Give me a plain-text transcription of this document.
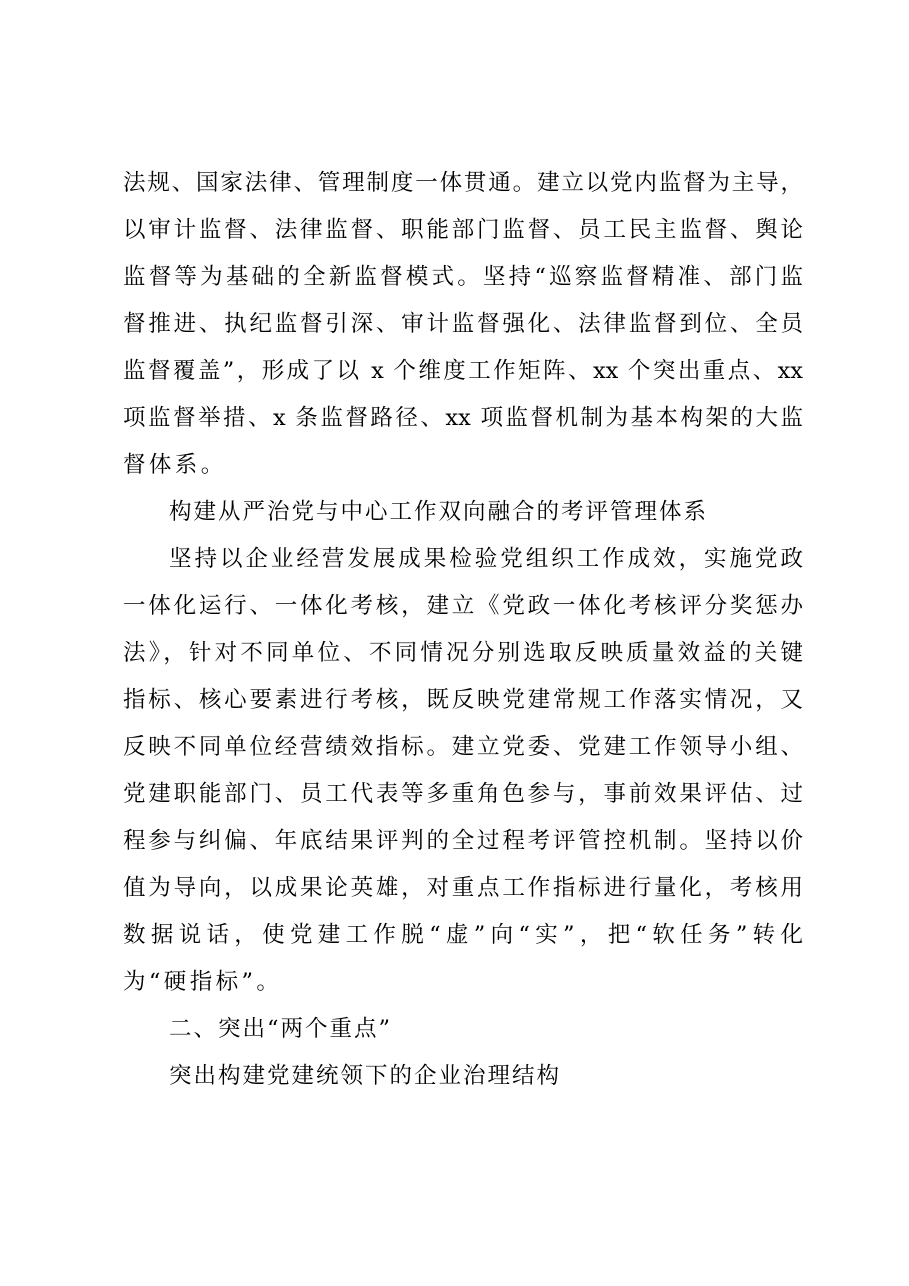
法规、国家法律、管理制度一体贯通。建立以党内监督为主导，
以审计监督、法律监督、职能部门监督、员工民主监督、舆论
监督等为基础的全新监督模式。坚持“巡察监督精准、部门监
督推进、执纪监督引深、审计监督强化、法律监督到位、全员
监督覆盖”，形成了以 x 个维度工作矩阵、xx 个突出重点、xx
项监督举措、x 条监督路径、xx 项监督机制为基本构架的大监
督体系。
构建从严治党与中心工作双向融合的考评管理体系
坚持以企业经营发展成果检验党组织工作成效，实施党政
一体化运行、一体化考核，建立《党政一体化考核评分奖惩办
法》，针对不同单位、不同情况分别选取反映质量效益的关键
指标、核心要素进行考核，既反映党建常规工作落实情况，又
反映不同单位经营绩效指标。建立党委、党建工作领导小组、
党建职能部门、员工代表等多重角色参与，事前效果评估、过
程参与纠偏、年底结果评判的全过程考评管控机制。坚持以价
值为导向，以成果论英雄，对重点工作指标进行量化，考核用
数据说话，使党建工作脱“虚”向“实”，把“软任务”转化
为“硬指标”。
二、突出“两个重点”
突出构建党建统领下的企业治理结构
